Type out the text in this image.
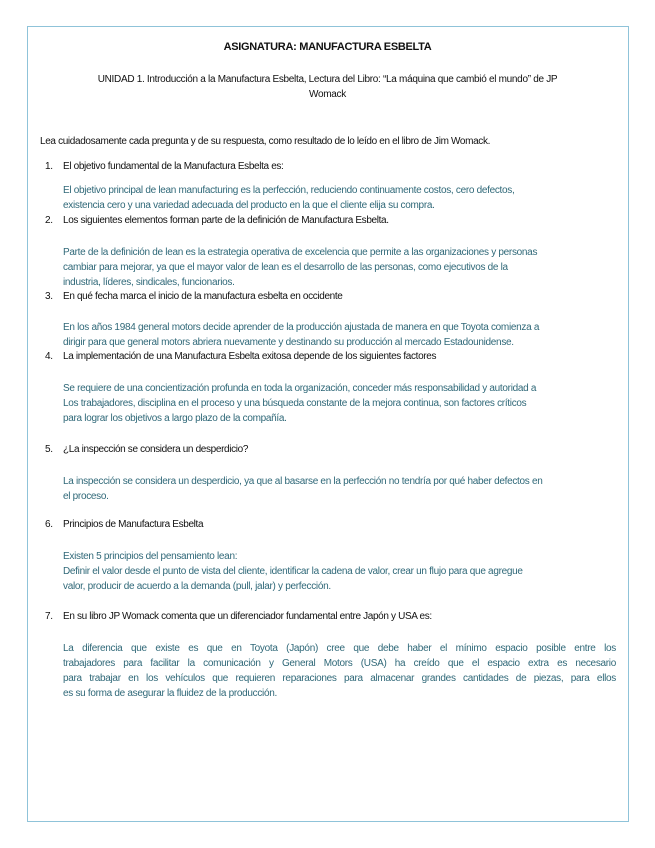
ASIGNATURA: MANUFACTURA ESBELTA
UNIDAD 1. Introducción a la Manufactura Esbelta, Lectura del Libro: “La máquina que cambió el mundo” de JP
Womack
Lea cuidadosamente cada pregunta y de su respuesta, como resultado de lo leído en el libro de Jim Womack.
1. El objetivo fundamental de la Manufactura Esbelta es:
El objetivo principal de lean manufacturing es la perfección, reduciendo continuamente costos, cero defectos,
existencia cero y una variedad adecuada del producto en la que el cliente elija su compra.
2. Los siguientes elementos forman parte de la definición de Manufactura Esbelta.
Parte de la definición de lean es la estrategia operativa de excelencia que permite a las organizaciones y personas
cambiar para mejorar, ya que el mayor valor de lean es el desarrollo de las personas, como ejecutivos de la
industria, líderes, sindicales, funcionarios.
3. En qué fecha marca el inicio de la manufactura esbelta en occidente
En los años 1984 general motors decide aprender de la producción ajustada de manera en que Toyota comienza a
dirigir para que general motors abriera nuevamente y destinando su producción al mercado Estadounidense.
4. La implementación de una Manufactura Esbelta exitosa depende de los siguientes factores
Se requiere de una concientización profunda en toda la organización, conceder más responsabilidad y autoridad a
Los trabajadores, disciplina en el proceso y una búsqueda constante de la mejora continua, son factores críticos
para lograr los objetivos a largo plazo de la compañía.
5. ¿La inspección se considera un desperdicio?
La inspección se considera un desperdicio, ya que al basarse en la perfección no tendría por qué haber defectos en
el proceso.
6. Principios de Manufactura Esbelta
Existen 5 principios del pensamiento lean:
Definir el valor desde el punto de vista del cliente, identificar la cadena de valor, crear un flujo para que agregue
valor, producir de acuerdo a la demanda (pull, jalar) y perfección.
7. En su libro JP Womack comenta que un diferenciador fundamental entre Japón y USA es:
La diferencia que existe es que en Toyota (Japón) cree que debe haber el mínimo espacio posible entre los
trabajadores para facilitar la comunicación y General Motors (USA) ha creído que el espacio extra es necesario
para trabajar en los vehículos que requieren reparaciones para almacenar grandes cantidades de piezas, para ellos
es su forma de asegurar la fluidez de la producción.
